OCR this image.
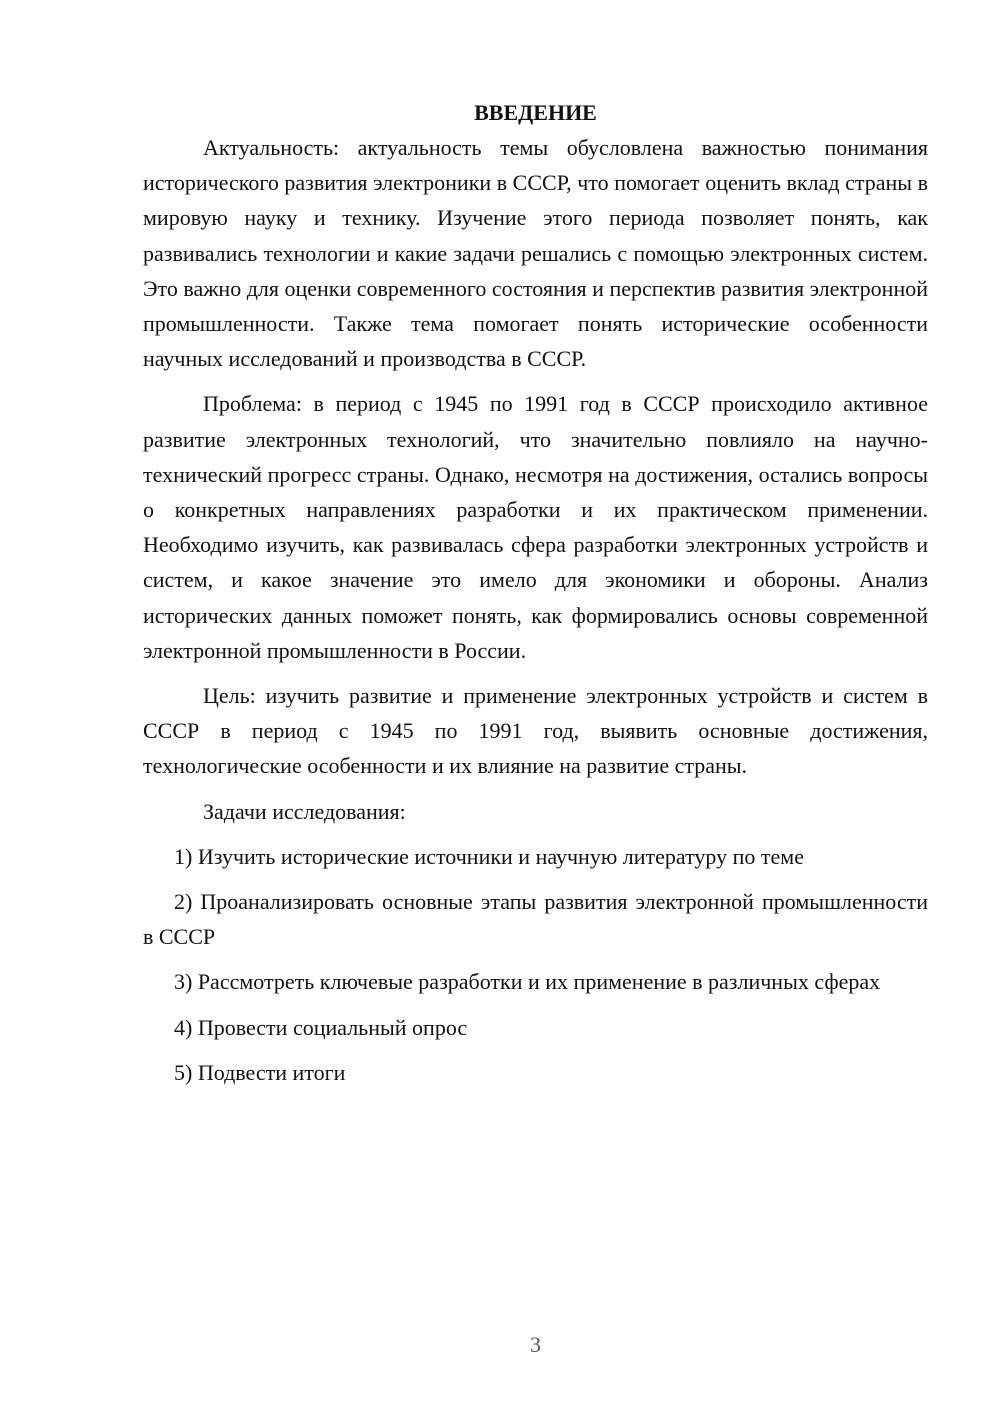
ВВЕДЕНИЕ

Актуальность: актуальность темы обусловлена важностью понимания исторического развития электроники в СССР, что помогает оценить вклад страны в мировую науку и технику. Изучение этого периода позволяет понять, как развивались технологии и какие задачи решались с помощью электронных систем. Это важно для оценки современного состояния и перспектив развития электронной промышленности. Также тема помогает понять исторические особенности научных исследований и производства в СССР.

Проблема: в период с 1945 по 1991 год в СССР происходило активное развитие электронных технологий, что значительно повлияло на научно-технический прогресс страны. Однако, несмотря на достижения, остались вопросы о конкретных направлениях разработки и их практическом применении. Необходимо изучить, как развивалась сфера разработки электронных устройств и систем, и какое значение это имело для экономики и обороны. Анализ исторических данных поможет понять, как формировались основы современной электронной промышленности в России.

Цель: изучить развитие и применение электронных устройств и систем в СССР в период с 1945 по 1991 год, выявить основные достижения, технологические особенности и их влияние на развитие страны.

Задачи исследования:

1) Изучить исторические источники и научную литературу по теме

2) Проанализировать основные этапы развития электронной промышленности в СССР

3) Рассмотреть ключевые разработки и их применение в различных сферах

4) Провести социальный опрос

5) Подвести итоги

3
